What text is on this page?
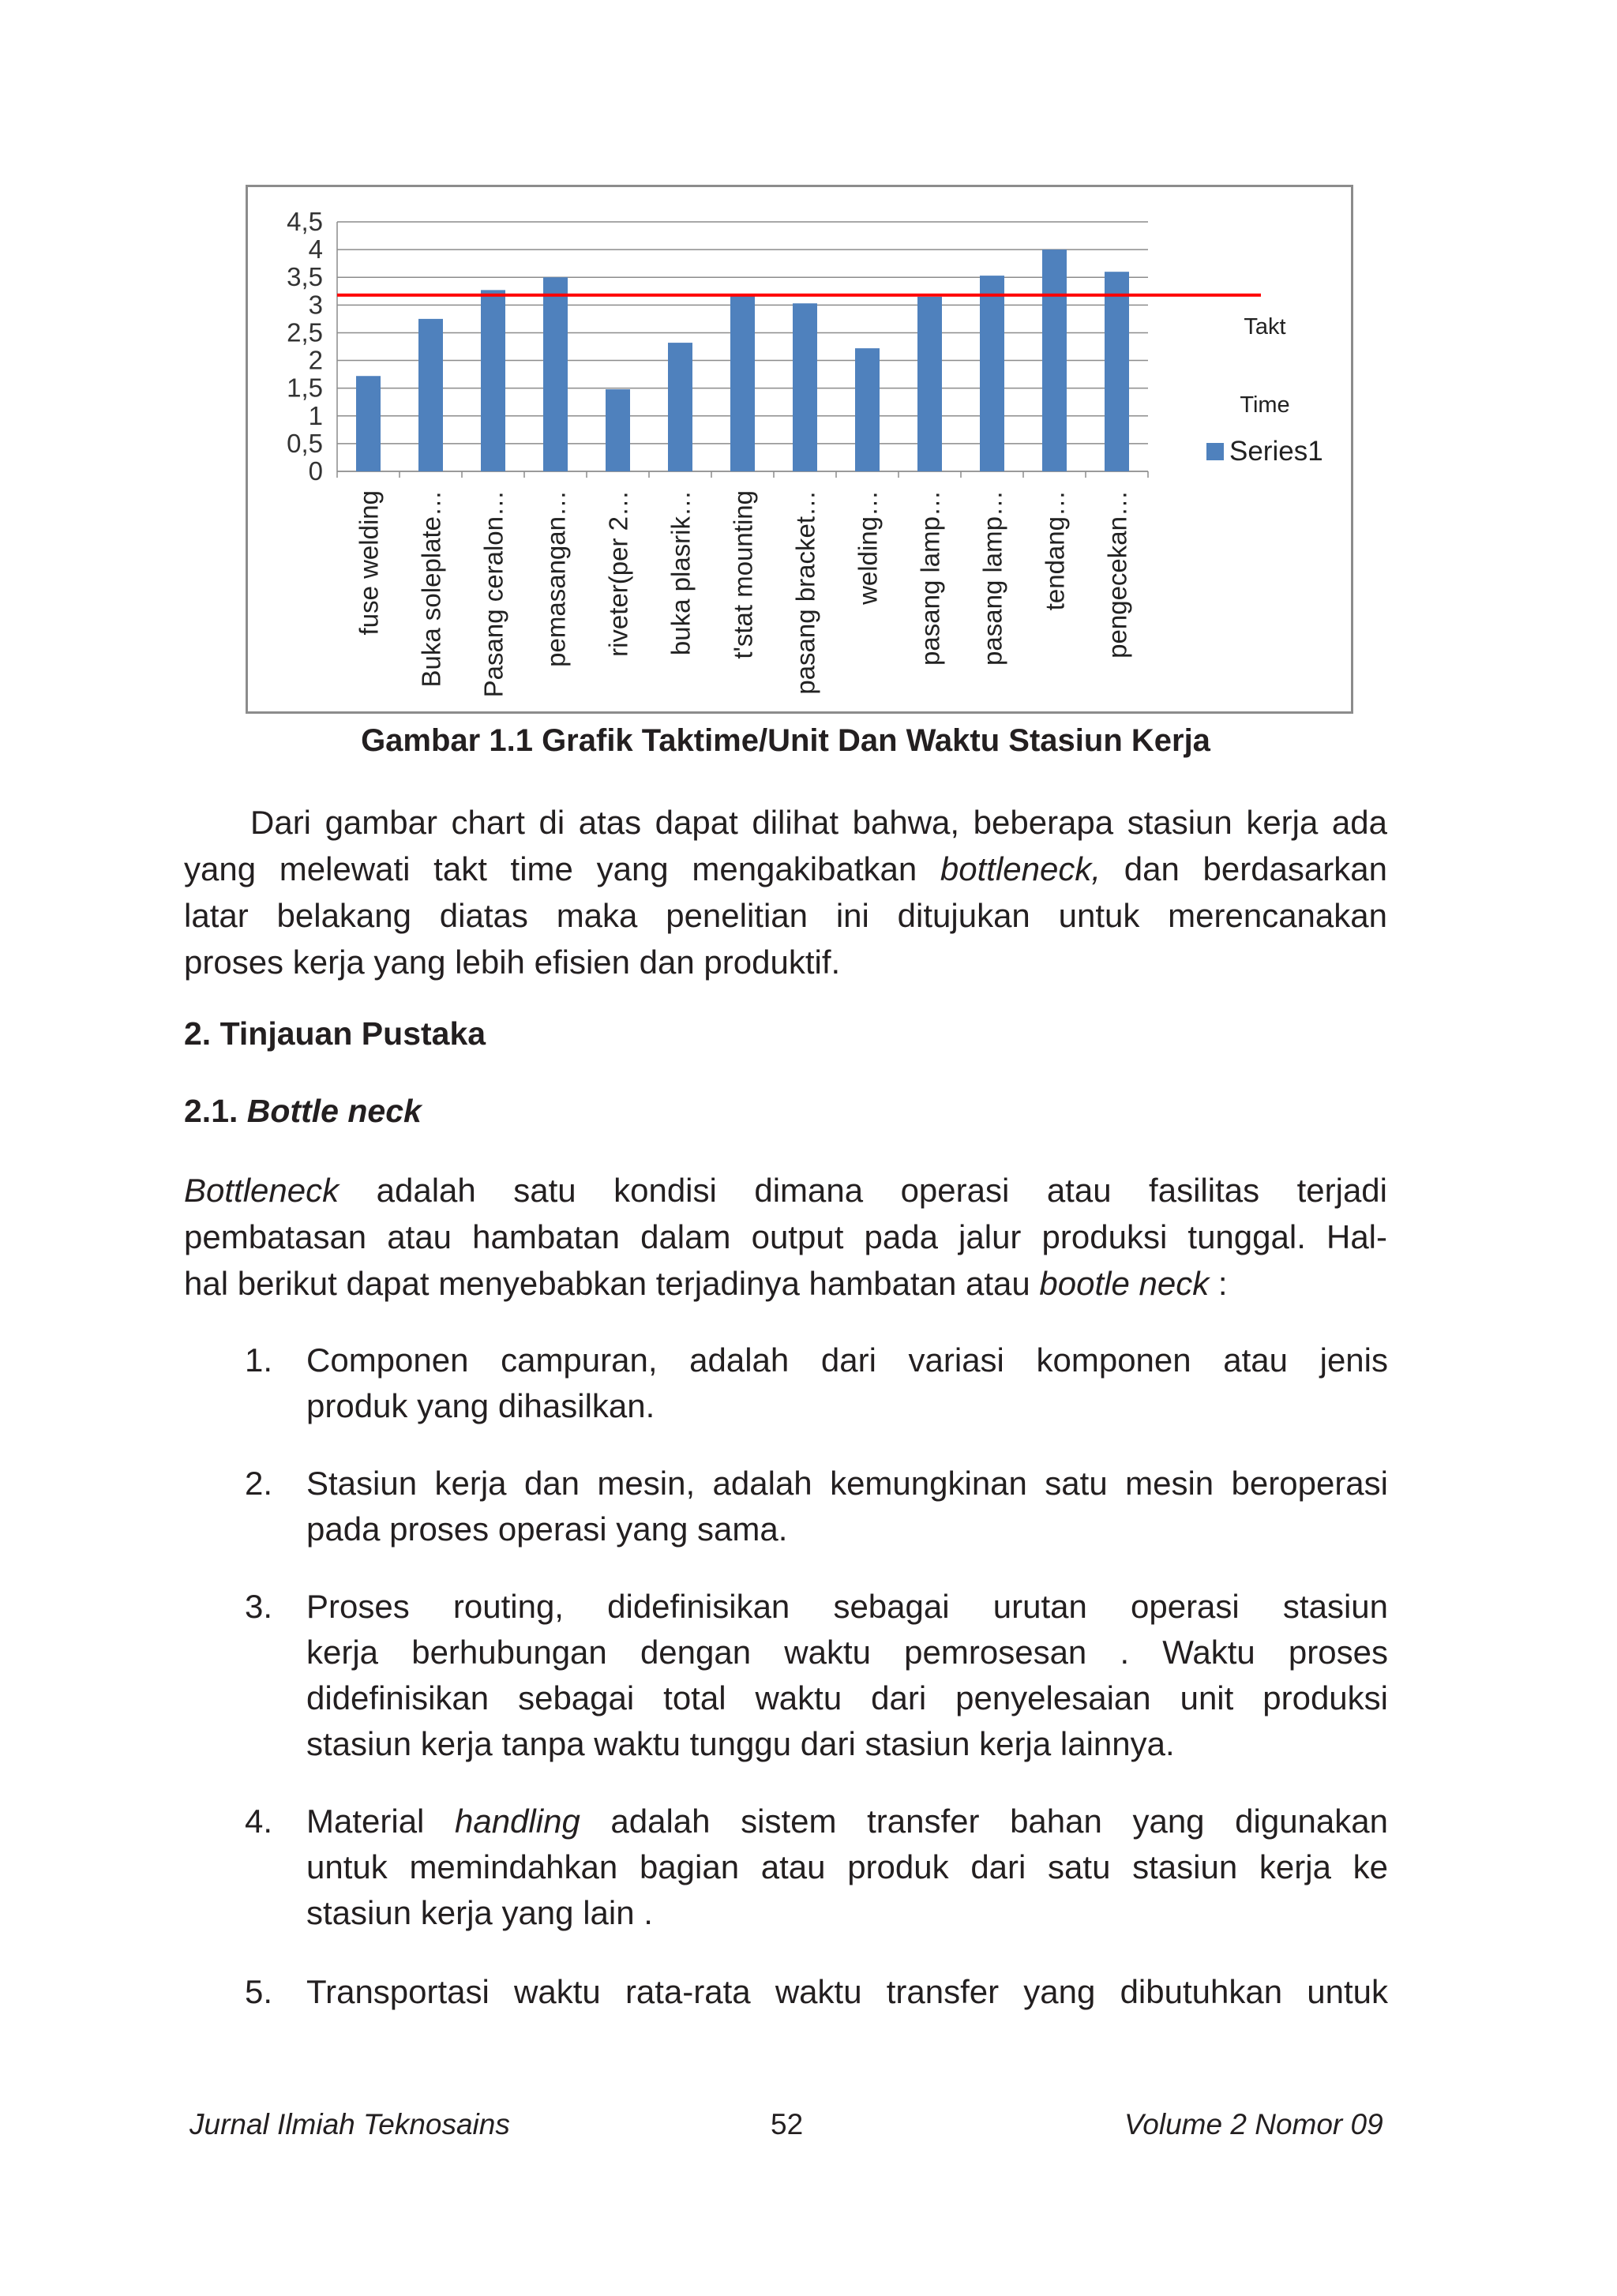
0
0,5
1
1,5
2
2,5
3
3,5
4
4,5
fuse welding Buka soleplate… Pasang ceralon… pemasangan… riveter(per 2… buka plasrik… t'stat mounting pasang bracket… welding… pasang lamp… pasang lamp… tendang… pengecekan…
Takt
Time
Series1
Gambar 1.1 Grafik Taktime/Unit Dan Waktu Stasiun Kerja
Dari gambar chart di atas dapat dilihat bahwa, beberapa stasiun kerja ada
yang melewati takt time yang mengakibatkan bottleneck, dan berdasarkan
latar belakang diatas maka penelitian ini ditujukan untuk merencanakan
proses kerja yang lebih efisien dan produktif.
2. Tinjauan Pustaka
2.1. Bottle neck
Bottleneck adalah satu kondisi dimana operasi atau fasilitas terjadi
pembatasan atau hambatan dalam output pada jalur produksi tunggal. Hal-
hal berikut dapat menyebabkan terjadinya hambatan atau bootle neck :
1.	Componen campuran, adalah dari variasi komponen atau jenis
produk yang dihasilkan.
2.	Stasiun kerja dan mesin, adalah kemungkinan satu mesin beroperasi
pada proses operasi yang sama.
3.	Proses routing, didefinisikan sebagai urutan operasi stasiun
kerja berhubungan dengan waktu pemrosesan . Waktu proses
didefinisikan sebagai total waktu dari penyelesaian unit produksi
stasiun kerja tanpa waktu tunggu dari stasiun kerja lainnya.
4.	Material handling adalah sistem transfer bahan yang digunakan
untuk memindahkan bagian atau produk dari satu stasiun kerja ke
stasiun kerja yang lain .
5.	Transportasi waktu rata-rata waktu transfer yang dibutuhkan untuk
Jurnal Ilmiah Teknosains	52	Volume 2 Nomor 09
